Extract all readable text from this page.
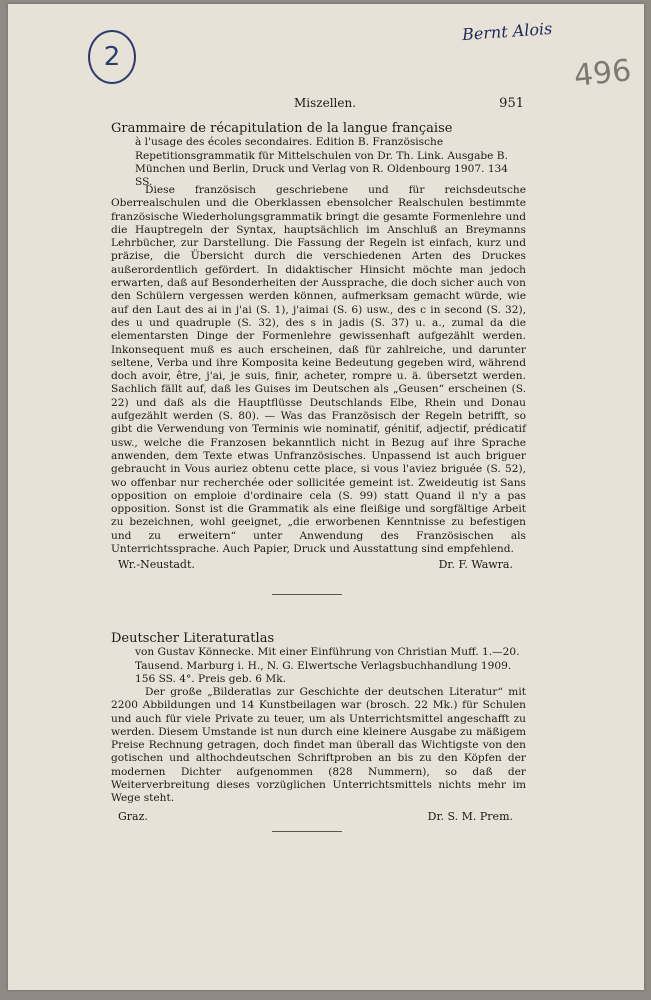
2
Bernt Alois
496
Miszellen.	951
Grammaire de récapitulation de la langue française
à l'usage des écoles secondaires. Edition B. Französische Repetitionsgrammatik für Mittelschulen von Dr. Th. Link. Ausgabe B. München und Berlin, Druck und Verlag von R. Oldenbourg 1907. 134 SS.

Diese französisch geschriebene und für reichsdeutsche Oberrealschulen und die Oberklassen ebensolcher Realschulen bestimmte französische Wiederholungsgrammatik bringt die gesamte Formenlehre und die Hauptregeln der Syntax, hauptsächlich im Anschluß an Breymanns Lehrbücher, zur Darstellung. Die Fassung der Regeln ist einfach, kurz und präzise, die Übersicht durch die verschiedenen Arten des Druckes außerordentlich gefördert. In didaktischer Hinsicht möchte man jedoch erwarten, daß auf Besonderheiten der Aussprache, die doch sicher auch von den Schülern vergessen werden können, aufmerksam gemacht würde, wie auf den Laut des ai in j'ai (S. 1), j'aimai (S. 6) usw., des c in second (S. 32), des u und quadruple (S. 32), des s in jadis (S. 37) u. a., zumal da die elementarsten Dinge der Formenlehre gewissenhaft aufgezählt werden. Inkonsequent muß es auch erscheinen, daß für zahlreiche, und darunter seltene, Verba und ihre Komposita keine Bedeutung gegeben wird, während doch avoir, être, j'ai, je suis, finir, acheter, rompre u. ä. übersetzt werden. Sachlich fällt auf, daß les Guises im Deutschen als „Geusen“ erscheinen (S. 22) und daß als die Hauptflüsse Deutschlands Elbe, Rhein und Donau aufgezählt werden (S. 80). — Was das Französisch der Regeln betrifft, so gibt die Verwendung von Terminis wie nominatif, génitif, adjectif, prédicatif usw., welche die Franzosen bekanntlich nicht in Bezug auf ihre Sprache anwenden, dem Texte etwas Unfranzösisches. Unpassend ist auch briguer gebraucht in Vous auriez obtenu cette place, si vous l'aviez briguée (S. 52), wo offenbar nur recherchée oder sollicitée gemeint ist. Zweideutig ist Sans opposition on emploie d'ordinaire cela (S. 99) statt Quand il n'y a pas opposition. Sonst ist die Grammatik als eine fleißige und sorgfältige Arbeit zu bezeichnen, wohl geeignet, „die erworbenen Kenntnisse zu befestigen und zu erweitern“ unter Anwendung des Französischen als Unterrichtssprache. Auch Papier, Druck und Ausstattung sind empfehlend.

Wr.-Neustadt.	Dr. F. Wawra.
Deutscher Literaturatlas
von Gustav Könnecke. Mit einer Einführung von Christian Muff. 1.—20. Tausend. Marburg i. H., N. G. Elwertsche Verlagsbuchhandlung 1909. 156 SS. 4°. Preis geb. 6 Mk.

Der große „Bilderatlas zur Geschichte der deutschen Literatur“ mit 2200 Abbildungen und 14 Kunstbeilagen war (brosch. 22 Mk.) für Schulen und auch für viele Private zu teuer, um als Unterrichtsmittel angeschafft zu werden. Diesem Umstande ist nun durch eine kleinere Ausgabe zu mäßigem Preise Rechnung getragen, doch findet man überall das Wichtigste von den gotischen und althochdeutschen Schriftproben an bis zu den Köpfen der modernen Dichter aufgenommen (828 Nummern), so daß der Weiterverbreitung dieses vorzüglichen Unterrichtsmittels nichts mehr im Wege steht.

Graz.	Dr. S. M. Prem.
